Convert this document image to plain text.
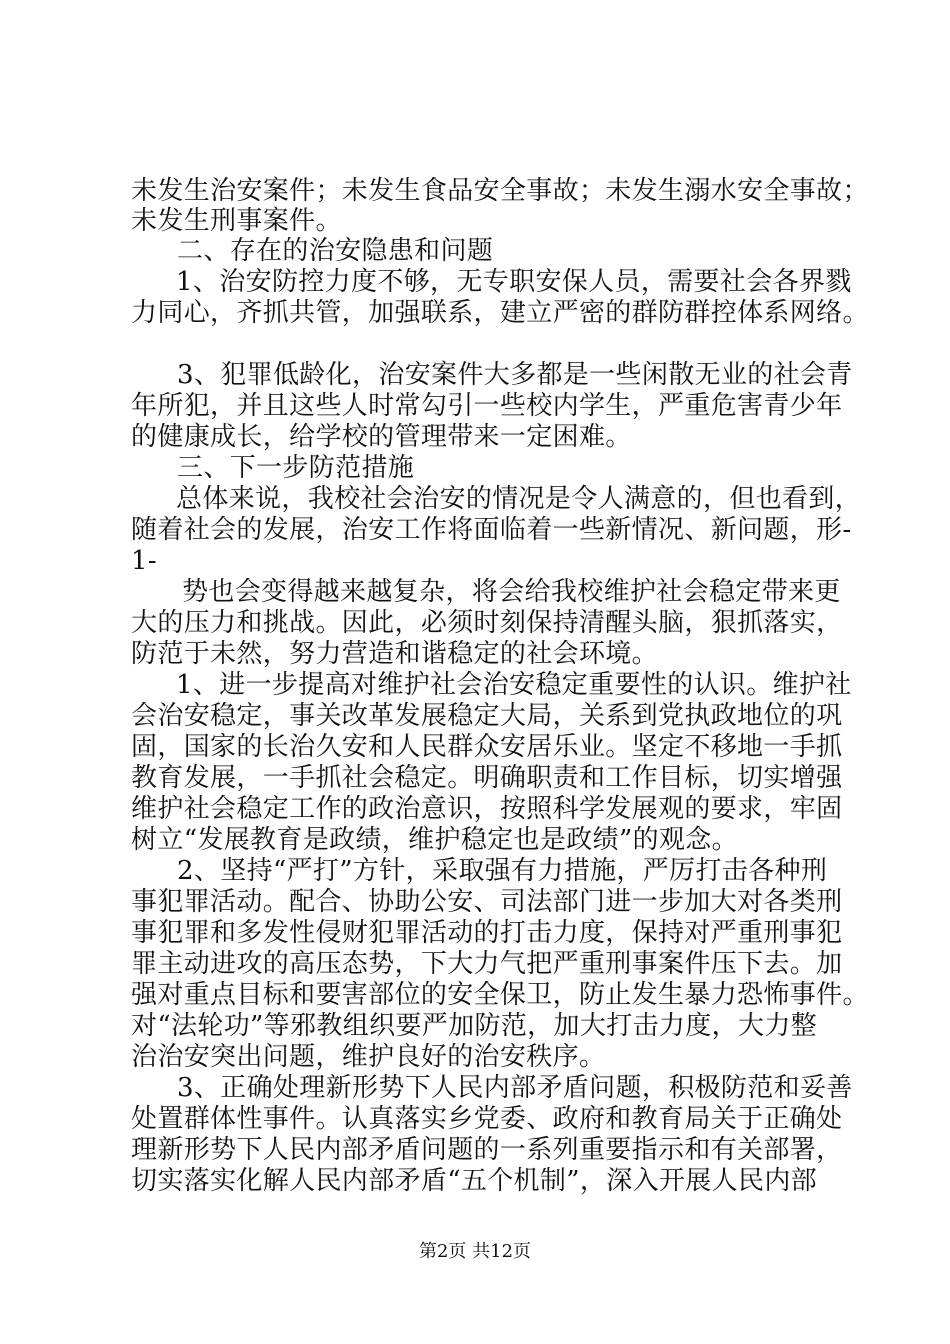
未发生治安案件；未发生食品安全事故；未发生溺水安全事故；
未发生刑事案件。
二、存在的治安隐患和问题
1、治安防控力度不够，无专职安保人员，需要社会各界戮
力同心，齐抓共管，加强联系，建立严密的群防群控体系网络。
3、犯罪低龄化，治安案件大多都是一些闲散无业的社会青
年所犯，并且这些人时常勾引一些校内学生，严重危害青少年
的健康成长，给学校的管理带来一定困难。
三、下一步防范措施
总体来说，我校社会治安的情况是令人满意的，但也看到，
随着社会的发展，治安工作将面临着一些新情况、新问题，形-
1-
势也会变得越来越复杂，将会给我校维护社会稳定带来更
大的压力和挑战。因此，必须时刻保持清醒头脑，狠抓落实，
防范于未然，努力营造和谐稳定的社会环境。
1、进一步提高对维护社会治安稳定重要性的认识。维护社
会治安稳定，事关改革发展稳定大局，关系到党执政地位的巩
固，国家的长治久安和人民群众安居乐业。坚定不移地一手抓
教育发展，一手抓社会稳定。明确职责和工作目标，切实增强
维护社会稳定工作的政治意识，按照科学发展观的要求，牢固
树立“发展教育是政绩，维护稳定也是政绩”的观念。
2、坚持“严打”方针，采取强有力措施，严厉打击各种刑
事犯罪活动。配合、协助公安、司法部门进一步加大对各类刑
事犯罪和多发性侵财犯罪活动的打击力度，保持对严重刑事犯
罪主动进攻的高压态势，下大力气把严重刑事案件压下去。加
强对重点目标和要害部位的安全保卫，防止发生暴力恐怖事件。
对“法轮功”等邪教组织要严加防范，加大打击力度，大力整
治治安突出问题，维护良好的治安秩序。
3、正确处理新形势下人民内部矛盾问题，积极防范和妥善
处置群体性事件。认真落实乡党委、政府和教育局关于正确处
理新形势下人民内部矛盾问题的一系列重要指示和有关部署，
切实落实化解人民内部矛盾“五个机制”，深入开展人民内部
第2页 共12页
